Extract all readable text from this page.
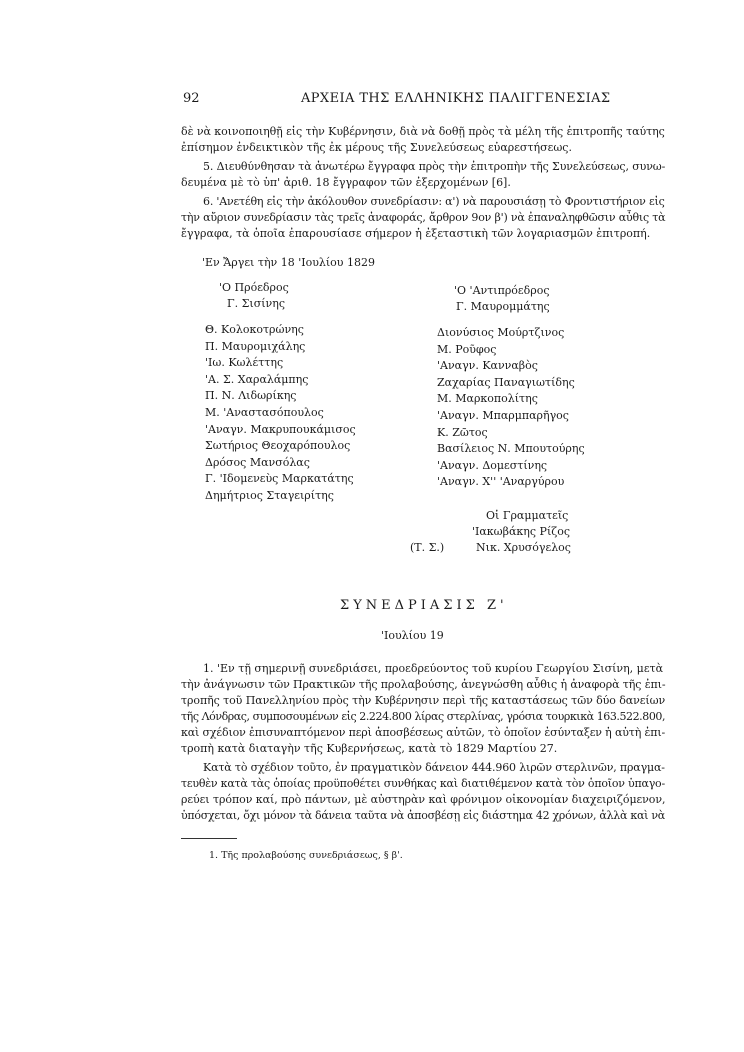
92	ΑΡΧΕΙΑ ΤΗΣ ΕΛΛΗΝΙΚΗΣ ΠΑΛΙΓΓΕΝΕΣΙΑΣ
δὲ νὰ κοινοποιηθῇ εἰς τὴν Κυβέρνησιν, διὰ νὰ δοθῇ πρὸς τὰ μέλη τῆς ἐπιτροπῆς ταύτης
ἐπίσημον ἐνδεικτικὸν τῆς ἐκ μέρους τῆς Συνελεύσεως εὐαρεστήσεως.
5. Διευθύνθησαν τὰ ἀνωτέρω ἔγγραφα πρὸς τὴν ἐπιτροπὴν τῆς Συνελεύσεως, συνω-
δευμένα μὲ τὸ ὑπ' ἀριθ. 18 ἔγγραφον τῶν ἐξερχομένων [6].
6. 'Ανετέθη εἰς τὴν ἀκόλουθον συνεδρίασιν: α') νὰ παρουσιάσῃ τὸ Φροντιστήριον εἰς
τὴν αὔριον συνεδρίασιν τὰς τρεῖς ἀναφοράς, ἄρθρον 9ον β') νὰ ἐπαναληφθῶσιν αὖθις τὰ
ἔγγραφα, τὰ ὁποῖα ἐπαρουσίασε σήμερον ἡ ἐξεταστικὴ τῶν λογαριασμῶν ἐπιτροπή.
'Εν Ἄργει τὴν 18 'Ιουλίου 1829
'Ο Πρόεδρος
Γ. Σισίνης
'Ο 'Αντιπρόεδρος
Γ. Μαυρομμάτης
Θ. Κολοκοτρώνης
Π. Μαυρομιχάλης
'Ιω. Κωλέττης
'Α. Σ. Χαραλάμπης
Π. Ν. Λιδωρίκης
Μ. 'Αναστασόπουλος
'Αναγν. Μακρυπουκάμισος
Σωτήριος Θεοχαρόπουλος
Δρόσος Μανσόλας
Γ. 'Ιδομενεὺς Μαρκατάτης
Δημήτριος Σταγειρίτης
Διονύσιος Μούρτζινος
Μ. Ροῦφος
'Αναγν. Κανναβὸς
Ζαχαρίας Παναγιωτίδης
Μ. Μαρκοπολίτης
'Αναγν. Μπαρμπαρῆγος
Κ. Ζῶτος
Βασίλειος Ν. Μπουτούρης
'Αναγν. Δομεστίνης
'Αναγν. Χ'' 'Αναργύρου
Οἱ Γραμματεῖς
'Ιακωβάκης Ρίζος
(Τ. Σ.)	Νικ. Χρυσόγελος
ΣΥΝΕΔΡΙΑΣΙΣ Ζ'
'Ιουλίου 19
1. 'Εν τῇ σημερινῇ συνεδριάσει, προεδρεύοντος τοῦ κυρίου Γεωργίου Σισίνη, μετὰ
τὴν ἀνάγνωσιν τῶν Πρακτικῶν τῆς προλαβούσης, ἀνεγνώσθη αὖθις ἡ ἀναφορὰ τῆς ἐπι-
τροπῆς τοῦ Πανελληνίου πρὸς τὴν Κυβέρνησιν περὶ τῆς καταστάσεως τῶν δύο δανείων
τῆς Λόνδρας, συμποσουμένων εἰς 2.224.800 λίρας στερλίνας, γρόσια τουρκικὰ 163.522.800,
καὶ σχέδιον ἐπισυναπτόμενον περὶ ἀποσβέσεως αὐτῶν, τὸ ὁποῖον ἐσύνταξεν ἡ αὐτὴ ἐπι-
τροπὴ κατὰ διαταγὴν τῆς Κυβερνήσεως, κατὰ τὸ 1829 Μαρτίου 27.
Κατὰ τὸ σχέδιον τοῦτο, ἐν πραγματικὸν δάνειον 444.960 λιρῶν στερλινῶν, πραγμα-
τευθὲν κατὰ τὰς ὁποίας προϋποθέτει συνθήκας καὶ διατιθέμενον κατὰ τὸν ὁποῖον ὑπαγο-
ρεύει τρόπον καί, πρὸ πάντων, μὲ αὐστηρὰν καὶ φρόνιμον οἰκονομίαν διαχειριζόμενον,
ὑπόσχεται, ὄχι μόνον τὰ δάνεια ταῦτα νὰ ἀποσβέσῃ εἰς διάστημα 42 χρόνων, ἀλλὰ καὶ νὰ
1. Τῆς προλαβούσης συνεδριάσεως, § β'.
